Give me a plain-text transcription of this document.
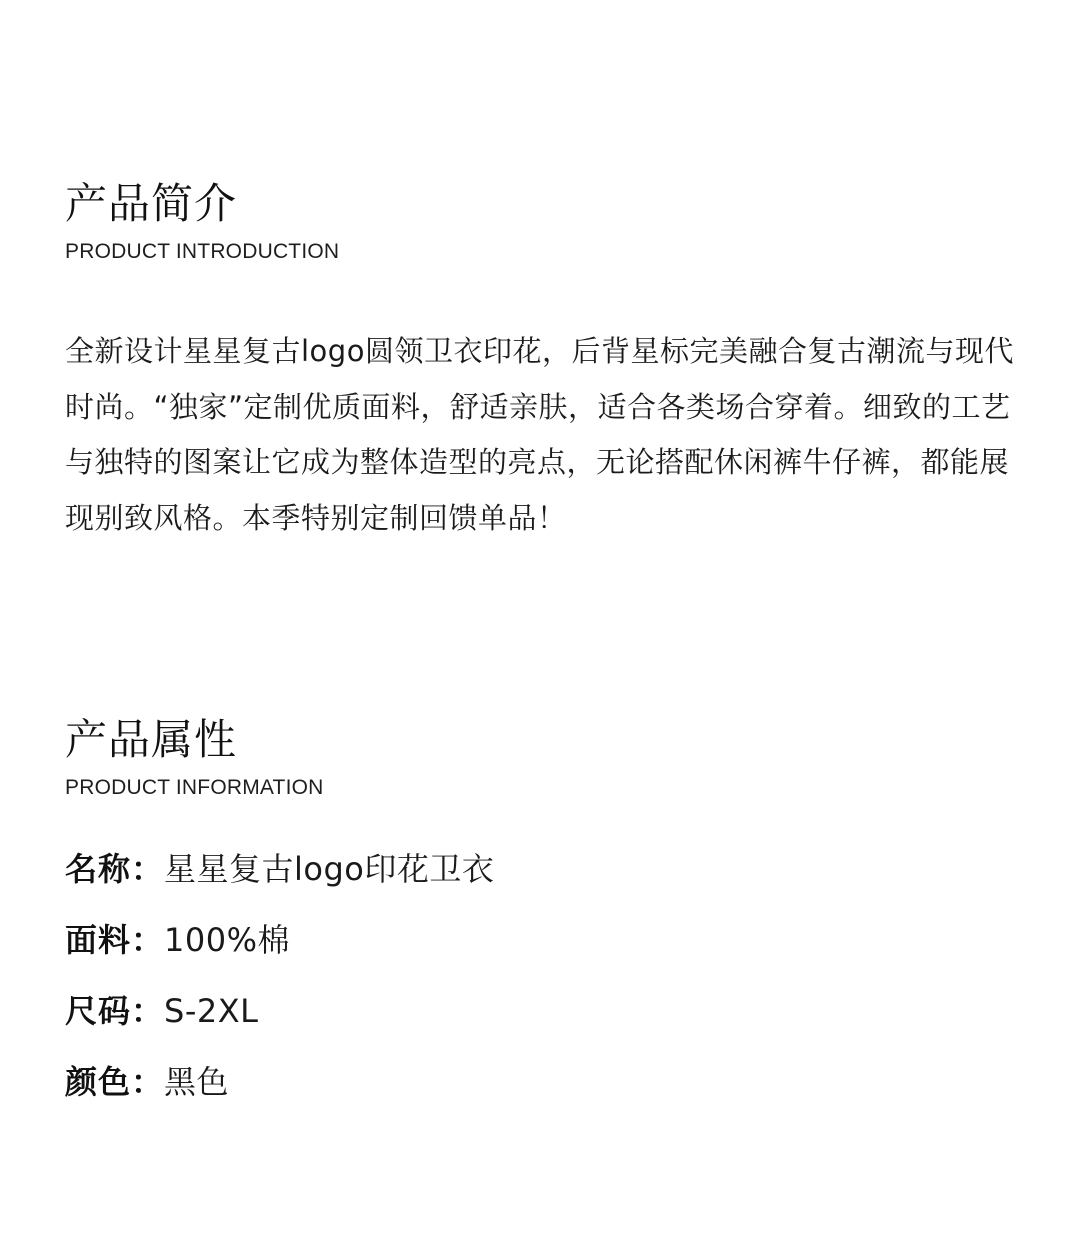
产品简介
PRODUCT INTRODUCTION

全新设计星星复古logo圆领卫衣印花，后背星标完美融合复古潮流与现代时尚。“独家”定制优质面料，舒适亲肤，适合各类场合穿着。细致的工艺与独特的图案让它成为整体造型的亮点，无论搭配休闲裤牛仔裤，都能展现别致风格。本季特别定制回馈单品！

产品属性
PRODUCT INFORMATION
名称：星星复古logo印花卫衣
面料：100%棉
尺码：S-2XL
颜色：黑色
